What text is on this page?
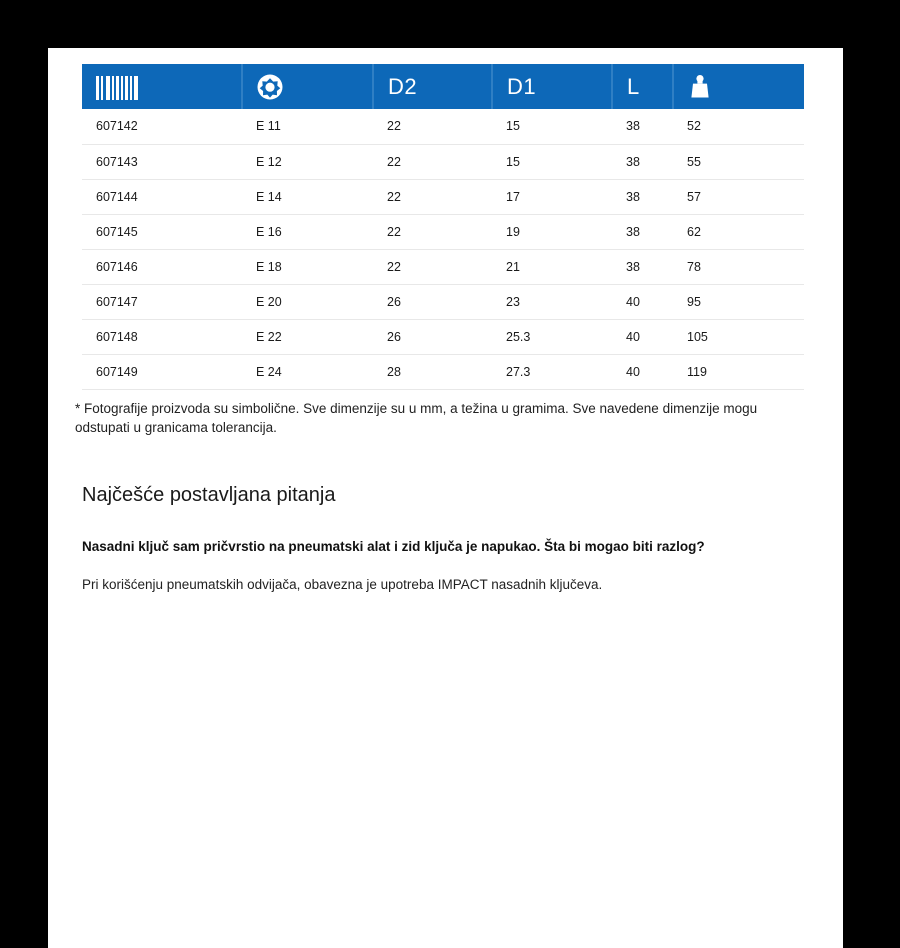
		D2	D1	L	
607142	E 11	22	15	38	52
607143	E 12	22	15	38	55
607144	E 14	22	17	38	57
607145	E 16	22	19	38	62
607146	E 18	22	21	38	78
607147	E 20	26	23	40	95
607148	E 22	26	25.3	40	105
607149	E 24	28	27.3	40	119
* Fotografije proizvoda su simbolične. Sve dimenzije su u mm, a težina u gramima. Sve navedene dimenzije mogu odstupati u granicama tolerancija.
Najčešće postavljana pitanja
Nasadni ključ sam pričvrstio na pneumatski alat i zid ključa je napukao. Šta bi mogao biti razlog?
Pri korišćenju pneumatskih odvijača, obavezna je upotreba IMPACT nasadnih ključeva.
